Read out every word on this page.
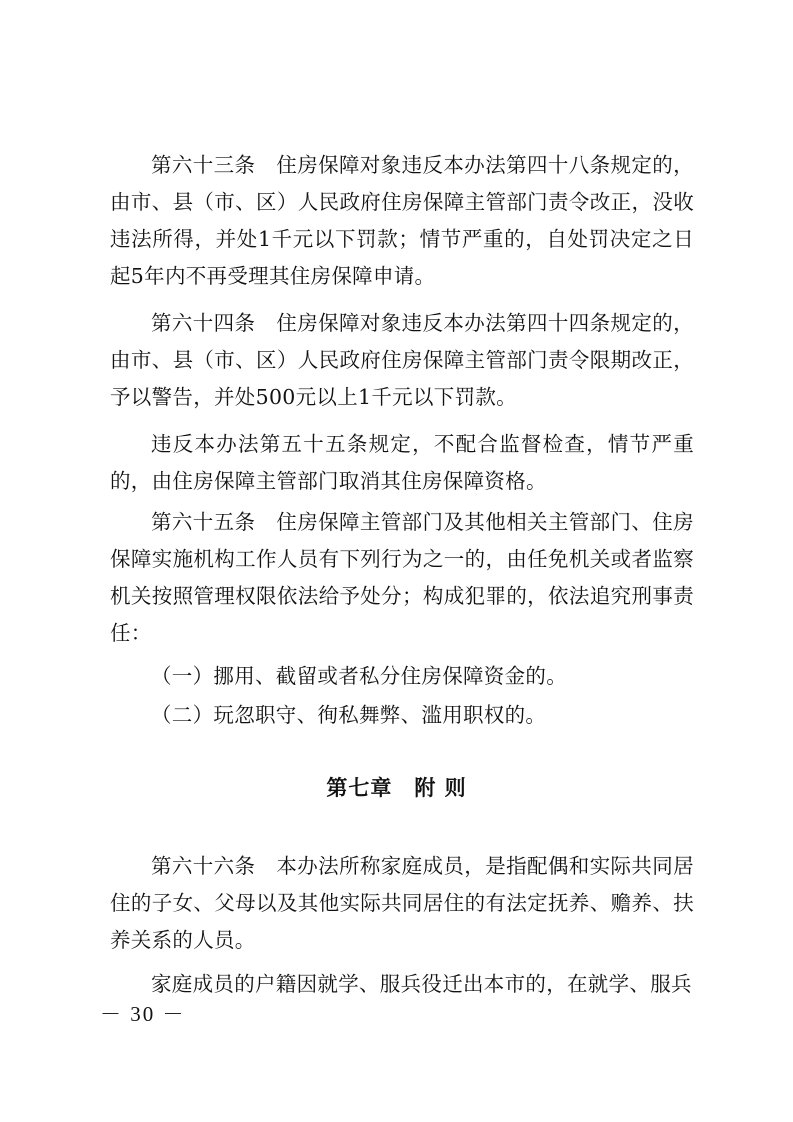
第六十三条　住房保障对象违反本办法第四十八条规定的，由市、县（市、区）人民政府住房保障主管部门责令改正，没收违法所得，并处1千元以下罚款；情节严重的，自处罚决定之日起5年内不再受理其住房保障申请。

第六十四条　住房保障对象违反本办法第四十四条规定的，由市、县（市、区）人民政府住房保障主管部门责令限期改正，予以警告，并处500元以上1千元以下罚款。

违反本办法第五十五条规定，不配合监督检查，情节严重的，由住房保障主管部门取消其住房保障资格。

第六十五条　住房保障主管部门及其他相关主管部门、住房保障实施机构工作人员有下列行为之一的，由任免机关或者监察机关按照管理权限依法给予处分；构成犯罪的，依法追究刑事责任：

（一）挪用、截留或者私分住房保障资金的。

（二）玩忽职守、徇私舞弊、滥用职权的。

第七章　附 则

第六十六条　本办法所称家庭成员，是指配偶和实际共同居住的子女、父母以及其他实际共同居住的有法定抚养、赡养、扶养关系的人员。

家庭成员的户籍因就学、服兵役迁出本市的，在就学、服兵

－ 30 －
